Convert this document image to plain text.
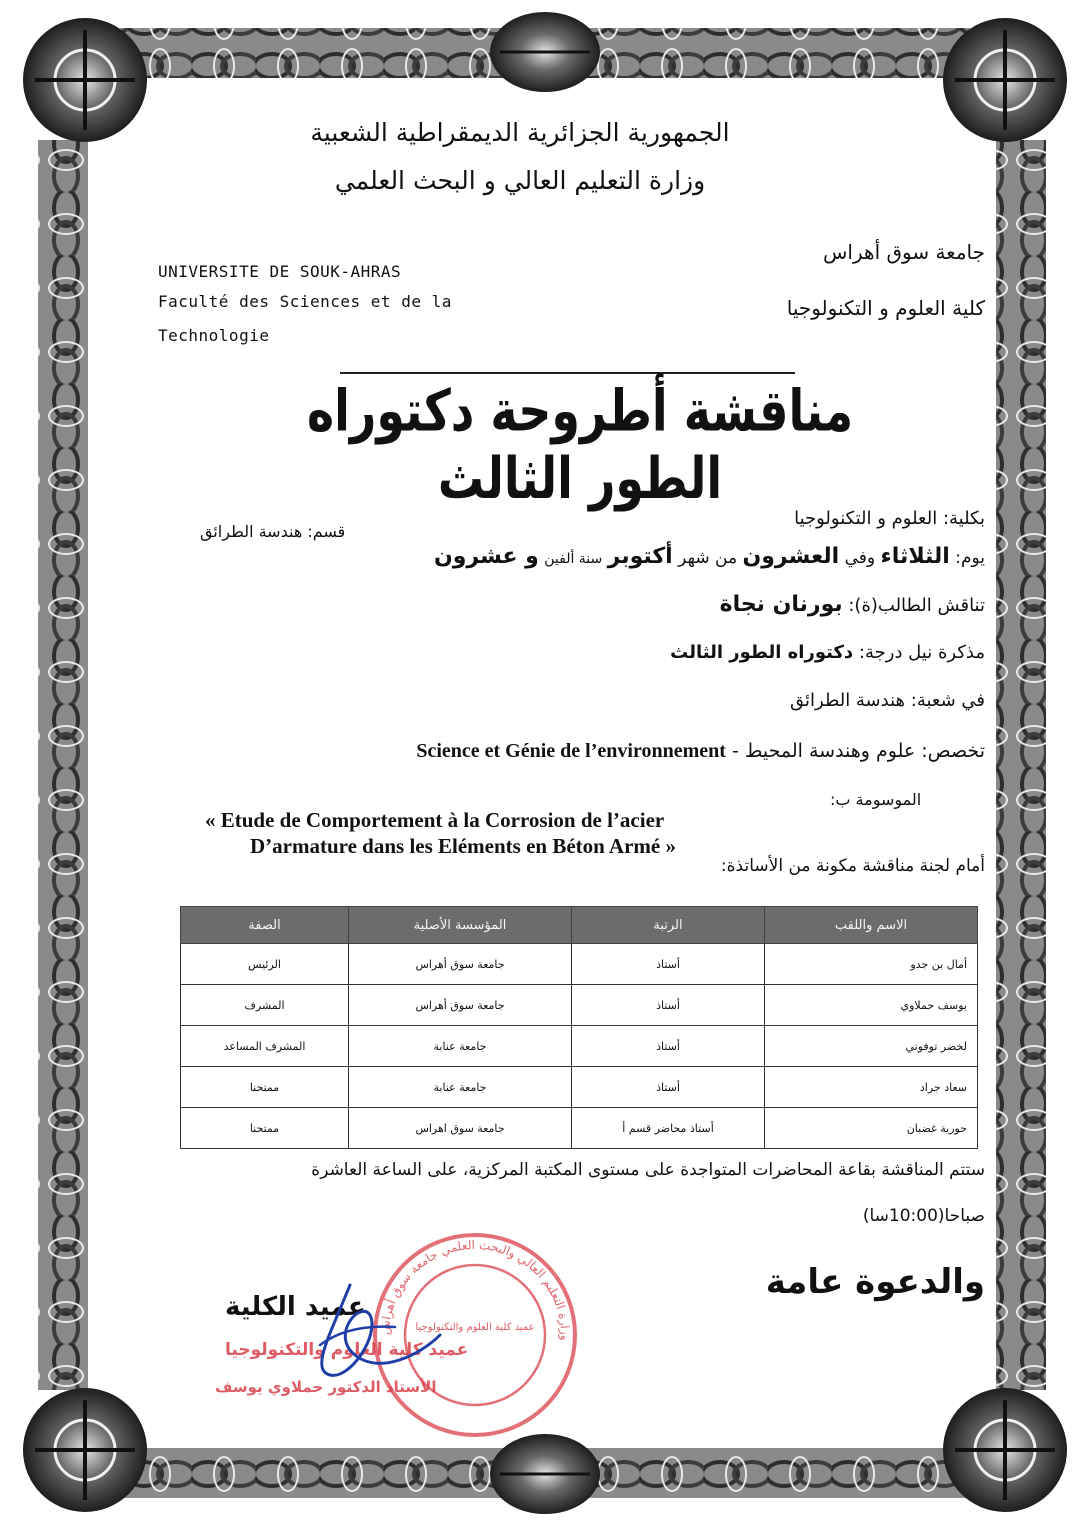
الجمهورية الجزائرية الديمقراطية الشعبية
وزارة التعليم العالي و البحث العلمي
UNIVERSITE DE SOUK-AHRAS
Faculté des Sciences et de la
Technologie
جامعة سوق أهراس
كلية العلوم و التكنولوجيا
مناقشة أطروحة دكتوراه الطور الثالث
بكلية: العلوم و التكنولوجيا
قسم: هندسة الطرائق
يوم: الثلاثاء وفي العشرون من شهر أكتوبر سنة ألفين و عشرون
تناقش الطالب(ة): بورنان نجاة
مذكرة نيل درجة: دكتوراه الطور الثالث
في شعبة: هندسة الطرائق
تخصص: علوم وهندسة المحيط - Science et Génie de l’environnement
الموسومة ب:
« Etude de Comportement à la Corrosion de l’acier
D’armature dans les Eléments en Béton Armé »
أمام لجنة مناقشة مكونة من الأساتذة:
الاسم واللقب	الرتبة	المؤسسة الأصلية	الصفة
أمال بن جدو	أستاذ	جامعة سوق أهراس	الرئيس
يوسف حملاوي	أستاذ	جامعة سوق أهراس	المشرف
لخضر توفوتي	أستاذ	جامعة عنابة	المشرف المساعد
سعاد جراد	أستاذ	جامعة عنابة	ممتحنا
حورية غضبان	أستاذ محاضر قسم أ	جامعة سوق اهراس	ممتحنا
ستتم المناقشة بقاعة المحاضرات المتواجدة على مستوى المكتبة المركزية، على الساعة العاشرة
صباحا(10:00سا)
والدعوة عامة
عميد الكلية
وزارة التعليم العالي والبحث العلمي جامعة سوق أهراس
عميد كلية العلوم والتكنولوجيا
عميد كلية العلوم والتكنولوجيا
الأستاذ الدكتور حملاوي يوسف
